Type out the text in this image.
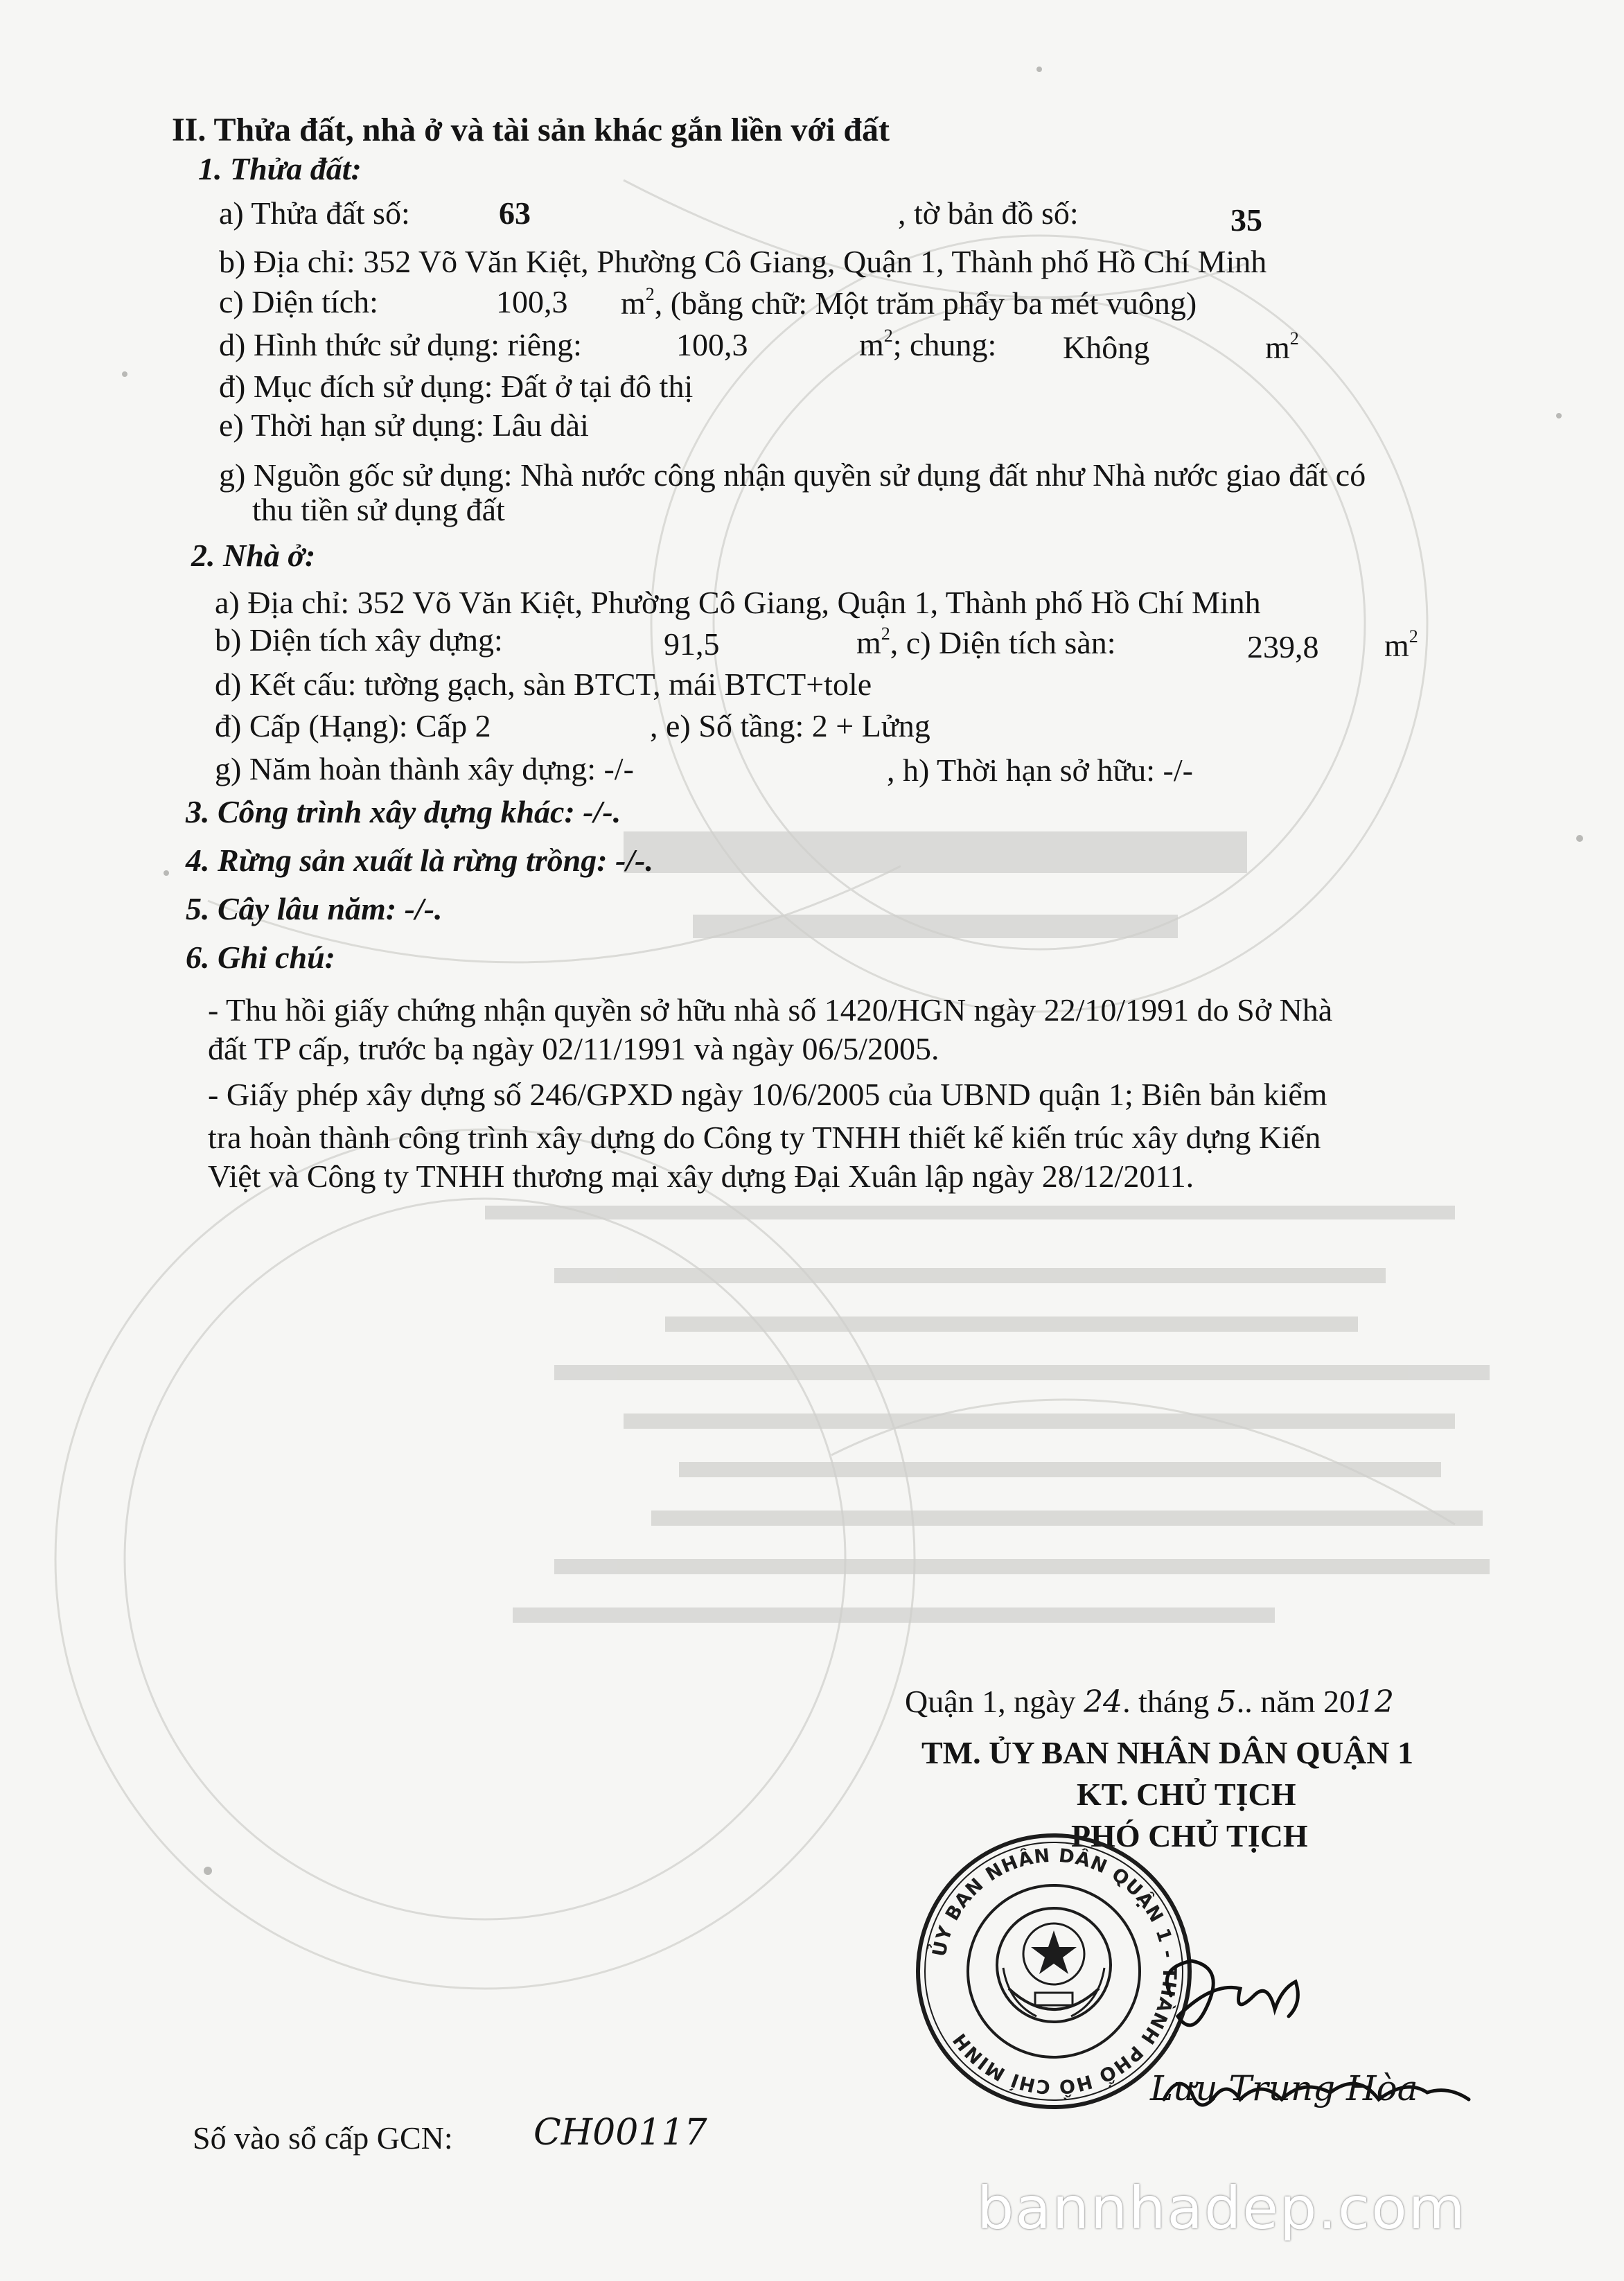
II. Thửa đất, nhà ở và tài sản khác gắn liền với đất
1. Thửa đất:
a) Thửa đất số:	63	, tờ bản đồ số:	35
b) Địa chỉ: 352 Võ Văn Kiệt, Phường Cô Giang, Quận 1, Thành phố Hồ Chí Minh
c) Diện tích:	100,3 $m^2$, (bằng chữ: Một trăm phẩy ba mét vuông)
d) Hình thức sử dụng: riêng:	100,3	$m^2$; chung: Không	$m^2$
đ) Mục đích sử dụng: Đất ở tại đô thị
e) Thời hạn sử dụng: Lâu dài
g) Nguồn gốc sử dụng: Nhà nước công nhận quyền sử dụng đất như Nhà nước giao đất có
thu tiền sử dụng đất
2. Nhà ở:
a) Địa chỉ: 352 Võ Văn Kiệt, Phường Cô Giang, Quận 1, Thành phố Hồ Chí Minh
b) Diện tích xây dựng:	91,5	$m^2$, c) Diện tích sàn:	239,8 $m^2$
d) Kết cấu: tường gạch, sàn BTCT, mái BTCT+tole
đ) Cấp (Hạng): Cấp 2	, e) Số tầng: 2 + Lửng
g) Năm hoàn thành xây dựng: -/-	, h) Thời hạn sở hữu: -/-
3. Công trình xây dựng khác: -/-.
4. Rừng sản xuất là rừng trồng: -/-.
5. Cây lâu năm: -/-.
6. Ghi chú:
- Thu hồi giấy chứng nhận quyền sở hữu nhà số 1420/HGN ngày 22/10/1991 do Sở Nhà
đất TP cấp, trước bạ ngày 02/11/1991 và ngày 06/5/2005.
- Giấy phép xây dựng số 246/GPXD ngày 10/6/2005 của UBND quận 1; Biên bản kiểm
tra hoàn thành công trình xây dựng do Công ty TNHH thiết kế kiến trúc xây dựng Kiến
Việt và Công ty TNHH thương mại xây dựng Đại Xuân lập ngày 28/12/2011.
Quận 1, ngày 24. tháng 5.. năm 2012
TM. ỦY BAN NHÂN DÂN QUẬN 1
KT. CHỦ TỊCH
PHÓ CHỦ TỊCH
ỦY BAN NHÂN DÂN QUẬN 1 - THÀNH PHỐ HỒ CHÍ MINH
Lưu Trung Hòa
Số vào sổ cấp GCN: CH00117
bannhadep.com
